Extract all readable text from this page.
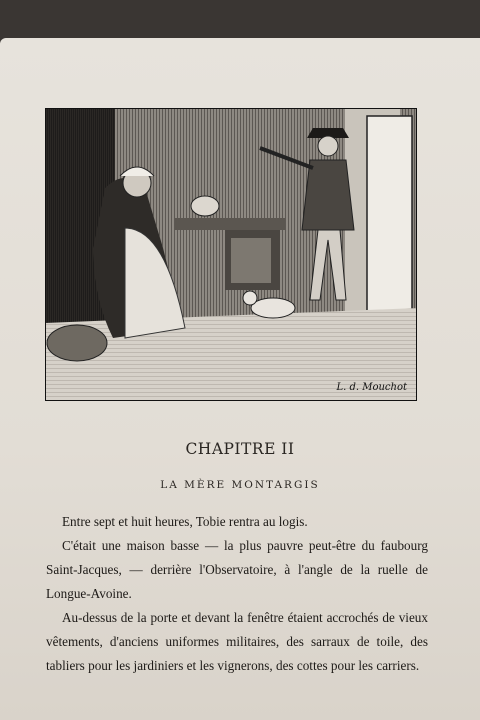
L. d. Mouchot
CHAPITRE II
LA MÈRE MONTARGIS

Entre sept et huit heures, Tobie rentra au logis.

C'était une maison basse — la plus pauvre peut-être du faubourg Saint-Jacques, — derrière l'Observatoire, à l'angle de la ruelle de Longue-Avoine.

Au-dessus de la porte et devant la fenêtre étaient accrochés de vieux vêtements, d'anciens uniformes militaires, des sarraux de toile, des tabliers pour les jardiniers et les vignerons, des cottes pour les carriers.
